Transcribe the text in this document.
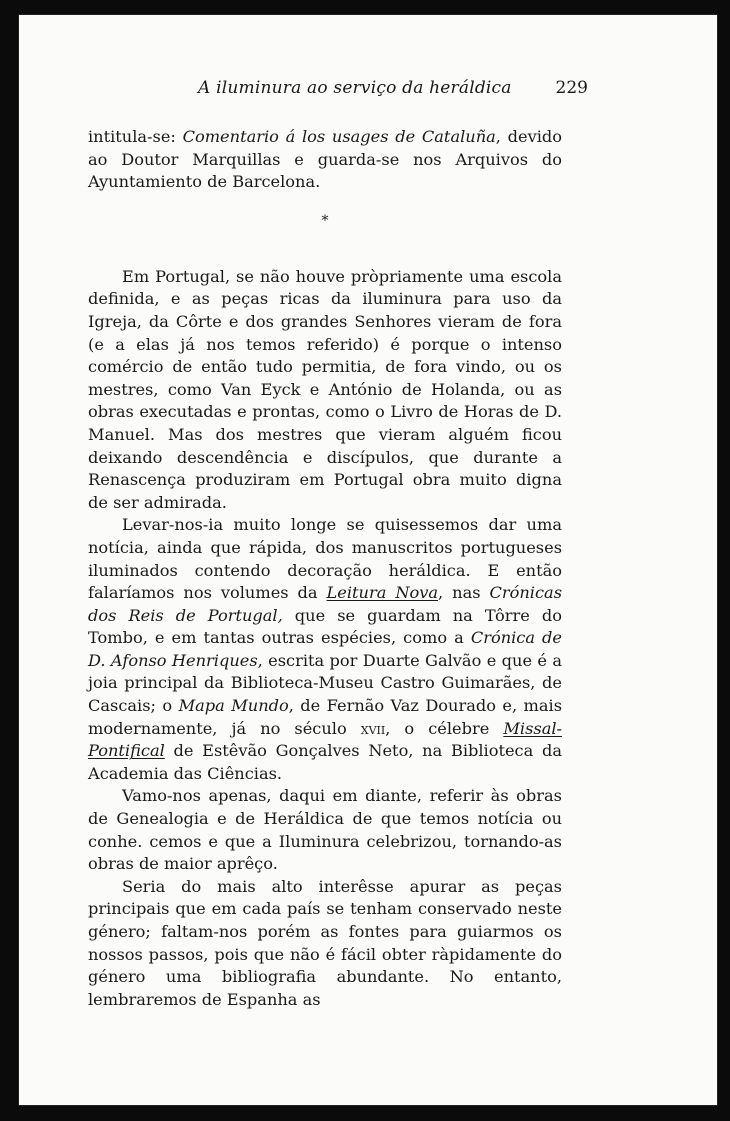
A iluminura ao serviço da heráldica	229

intitula-se: Comentario á los usages de Cataluña, devido ao Doutor Marquillas e guarda-se nos Arquivos do Ayuntamiento de Barcelona.

*

Em Portugal, se não houve pròpriamente uma escola definida, e as peças ricas da iluminura para uso da Igreja, da Côrte e dos grandes Senhores vieram de fora (e a elas já nos temos referido) é porque o intenso comércio de então tudo permitia, de fora vindo, ou os mestres, como Van Eyck e António de Holanda, ou as obras executadas e prontas, como o Livro de Horas de D. Manuel. Mas dos mestres que vieram alguém ficou deixando descendência e discípulos, que durante a Renascença produziram em Portugal obra muito digna de ser admirada.

Levar-nos-ia muito longe se quisessemos dar uma notícia, ainda que rápida, dos manuscritos portugueses iluminados contendo decoração heráldica. E então falaríamos nos volumes da Leitura Nova, nas Crónicas dos Reis de Portugal, que se guardam na Tôrre do Tombo, e em tantas outras espécies, como a Crónica de D. Afonso Henriques, escrita por Duarte Galvão e que é a joia principal da Biblioteca-Museu Castro Guimarães, de Cascais; o Mapa Mundo, de Fernão Vaz Dourado e, mais modernamente, já no século xvii, o célebre Missal-Pontifical de Estêvão Gonçalves Neto, na Biblioteca da Academia das Ciências.

Vamo-nos apenas, daqui em diante, referir às obras de Genealogia e de Heráldica de que temos notícia ou conhe. cemos e que a Iluminura celebrizou, tornando-as obras de maior aprêço.

Seria do mais alto interêsse apurar as peças principais que em cada país se tenham conservado neste género; faltam-nos porém as fontes para guiarmos os nossos passos, pois que não é fácil obter ràpidamente do género uma bibliografia abundante. No entanto, lembraremos de Espanha as
